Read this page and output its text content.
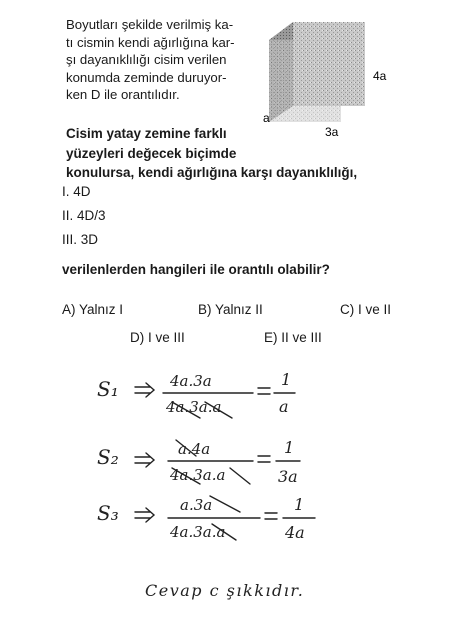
Boyutları şekilde verilmiş ka-
tı cismin kendi ağırlığına kar-
şı dayanıklılığı cisim verilen
konumda zeminde duruyor-
ken D ile orantılıdır.
4a
3a
a
Cisim yatay zemine farklı
yüzeyleri değecek biçimde
konulursa, kendi ağırlığına karşı dayanıklılığı,
I. 4D
II. 4D/3
III. 3D
verilenlerden hangileri ile orantılı olabilir?
A) Yalnız I	B) Yalnız II	C) I ve II
D) I ve III	E) II ve III
S₁	4a.3a
4a.3a.a
1
a
S₂	a.4a
4a.3a.a
1
3a
S₃	a.3a
4a.3a.a
1
4a
Cevap c şıkkıdır.
